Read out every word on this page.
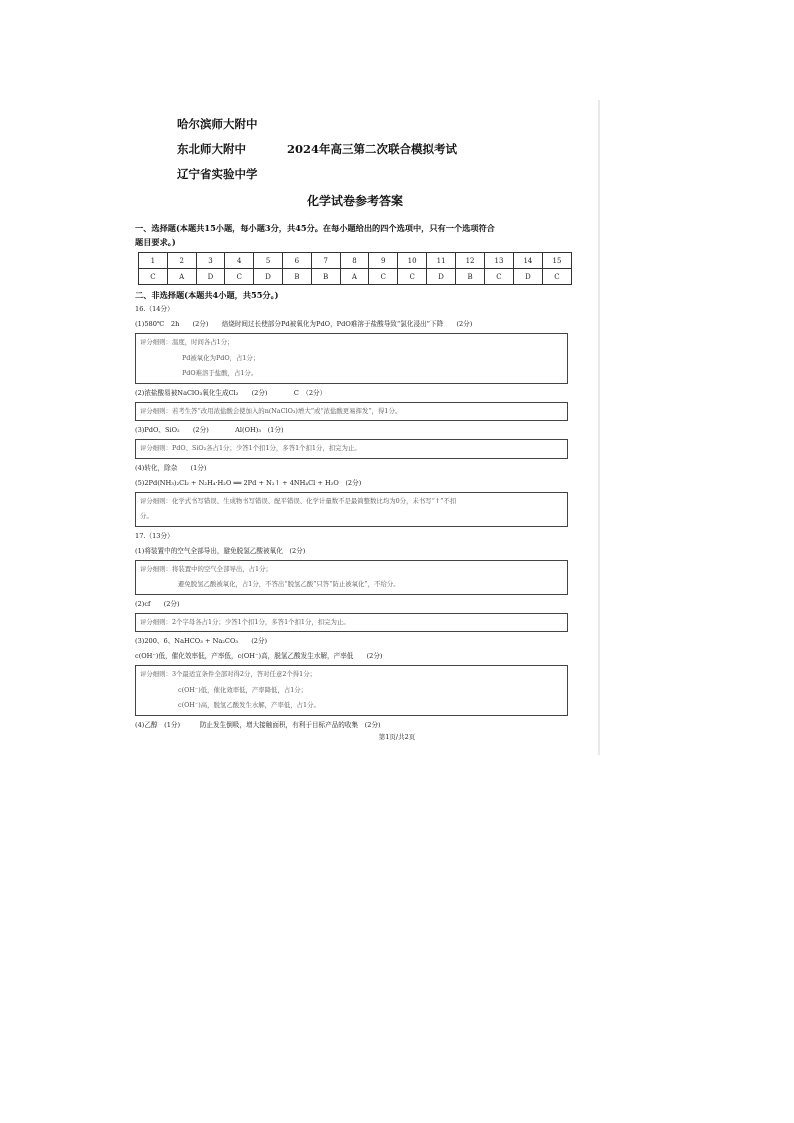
哈尔滨师大附中
东北师大附中
辽宁省实验中学
2024年高三第二次联合模拟考试
化学试卷参考答案
一、选择题(本题共15小题，每小题3分，共45分。在每小题给出的四个选项中，只有一个选项符合
题目要求。)
1	2	3	4	5	6	7	8	9	10	11	12	13	14	15
C	A	D	C	D	B	B	A	C	C	D	B	C	D	C
二、非选择题(本题共4小题，共55分。)
16.（14分）
(1)580℃　2h　　(2分)　　焙烧时间过长使部分Pd被氧化为PdO，PdO难溶于盐酸导致“氯化浸出”下降　　(2分)
评分细则：温度，时间各占1分；
Pd被氧化为PdO，占1分；
PdO难溶于盐酸，占1分。
(2)浓盐酸易被NaClO₃氧化生成Cl₂　　(2分)　　　　C　（2分）
评分细则：若考生答“改用浓盐酸会使加入的n(NaClO₃)增大”或“浓盐酸更易挥发”，得1分。
(3)PdO、SiO₂　　(2分)　　　　Al(OH)₃　(1分)
评分细则：PdO、SiO₂各占1分；少答1个扣1分，多答1个扣1分，扣完为止。
(4)转化，除杂　　(1分)
(5)2Pd(NH₃)₂Cl₂ + N₂H₄·H₂O ══ 2Pd + N₂↑ + 4NH₄Cl + H₂O　(2分)
评分细则：化学式书写错误、生成物书写错误、配平错误、化学计量数不是最简整数比均为0分，未书写“↑”不扣
分。
17.（13分）
(1)将装置中的空气全部导出，避免脱氢乙酸被氧化　(2分)
评分细则：将装置中的空气全部导出，占1分；
避免脱氢乙酸被氧化，占1分，不答出“脱氢乙酸”只答“防止被氧化”，不给分。
(2)cf　　(2分)
评分细则：2个字母各占1分；少答1个扣1分，多答1个扣1分，扣完为止。
(3)200、6、NaHCO₃ + Na₂CO₃　　(2分)
c(OH⁻)低，催化效率低，产率低，c(OH⁻)高，脱氢乙酸发生水解，产率低　　(2分)
评分细则：3个最适宜条件全部对得2分，答对任意2个得1分；
c(OH⁻)低，催化效率低，产率降低，占1分；
c(OH⁻)高，脱氢乙酸发生水解，产率低，占1分。
(4)乙醇　(1分)　　　防止发生倒吸，增大接触面积，有利于目标产品的收集　(2分)
第1页/共2页
